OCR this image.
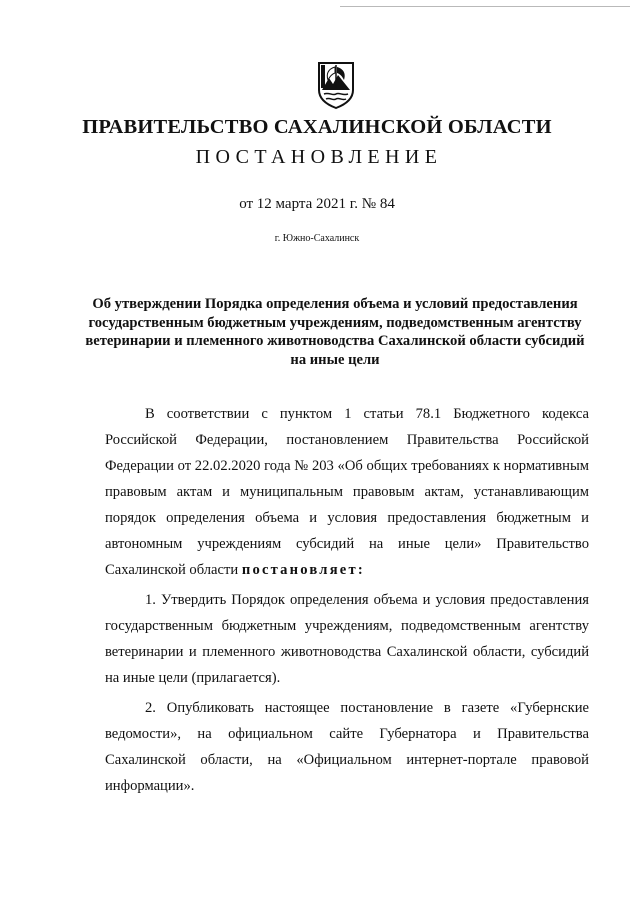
ПРАВИТЕЛЬСТВО САХАЛИНСКОЙ ОБЛАСТИ
ПОСТАНОВЛЕНИЕ
от 12 марта 2021 г. № 84
г. Южно-Сахалинск
Об утверждении Порядка определения объема и условий предоставления государственным бюджетным учреждениям, подведомственным агентству ветеринарии и племенного животноводства Сахалинской области субсидий на иные цели

В соответствии с пунктом 1 статьи 78.1 Бюджетного кодекса Российской Федерации, постановлением Правительства Российской Федерации от 22.02.2020 года № 203 «Об общих требованиях к нормативным правовым актам и муниципальным правовым актам, устанавливающим порядок определения объема и условия предоставления бюджетным и автономным учреждениям субсидий на иные цели» Правительство Сахалинской области постановляет:

1. Утвердить Порядок определения объема и условия предоставления государственным бюджетным учреждениям, подведомственным агентству ветеринарии и племенного животноводства Сахалинской области, субсидий на иные цели (прилагается).

2. Опубликовать настоящее постановление в газете «Губернские ведомости», на официальном сайте Губернатора и Правительства Сахалинской области, на «Официальном интернет-портале правовой информации».
